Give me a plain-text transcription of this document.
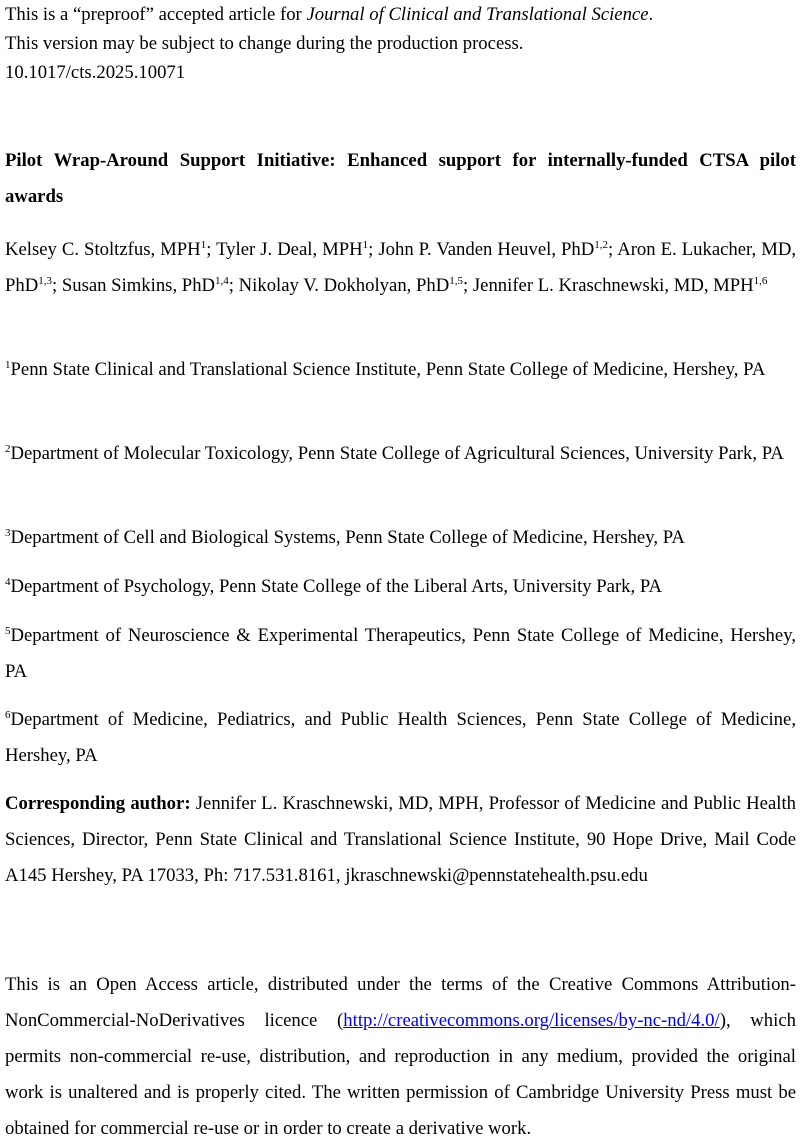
This is a “preproof” accepted article for Journal of Clinical and Translational Science.
This version may be subject to change during the production process.
10.1017/cts.2025.10071
Pilot Wrap-Around Support Initiative: Enhanced support for internally-funded CTSA pilot awards
Kelsey C. Stoltzfus, MPH$^1$; Tyler J. Deal, MPH$^1$; John P. Vanden Heuvel, PhD$^{1,2}$; Aron E. Lukacher, MD, PhD$^{1,3}$; Susan Simkins, PhD$^{1,4}$; Nikolay V. Dokholyan, PhD$^{1,5}$; Jennifer L. Kraschnewski, MD, MPH$^{1,6}$
$^1$Penn State Clinical and Translational Science Institute, Penn State College of Medicine, Hershey, PA
$^2$Department of Molecular Toxicology, Penn State College of Agricultural Sciences, University Park, PA
$^3$Department of Cell and Biological Systems, Penn State College of Medicine, Hershey, PA
$^4$Department of Psychology, Penn State College of the Liberal Arts, University Park, PA
$^5$Department of Neuroscience & Experimental Therapeutics, Penn State College of Medicine, Hershey, PA
$^6$Department of Medicine, Pediatrics, and Public Health Sciences, Penn State College of Medicine, Hershey, PA
Corresponding author: Jennifer L. Kraschnewski, MD, MPH, Professor of Medicine and Public Health Sciences, Director, Penn State Clinical and Translational Science Institute, 90 Hope Drive, Mail Code A145 Hershey, PA 17033, Ph: 717.531.8161, jkraschnewski@pennstatehealth.psu.edu
This is an Open Access article, distributed under the terms of the Creative Commons Attribution-NonCommercial-NoDerivatives licence (http://creativecommons.org/licenses/by-nc-nd/4.0/), which permits non-commercial re-use, distribution, and reproduction in any medium, provided the original work is unaltered and is properly cited. The written permission of Cambridge University Press must be obtained for commercial re-use or in order to create a derivative work.
